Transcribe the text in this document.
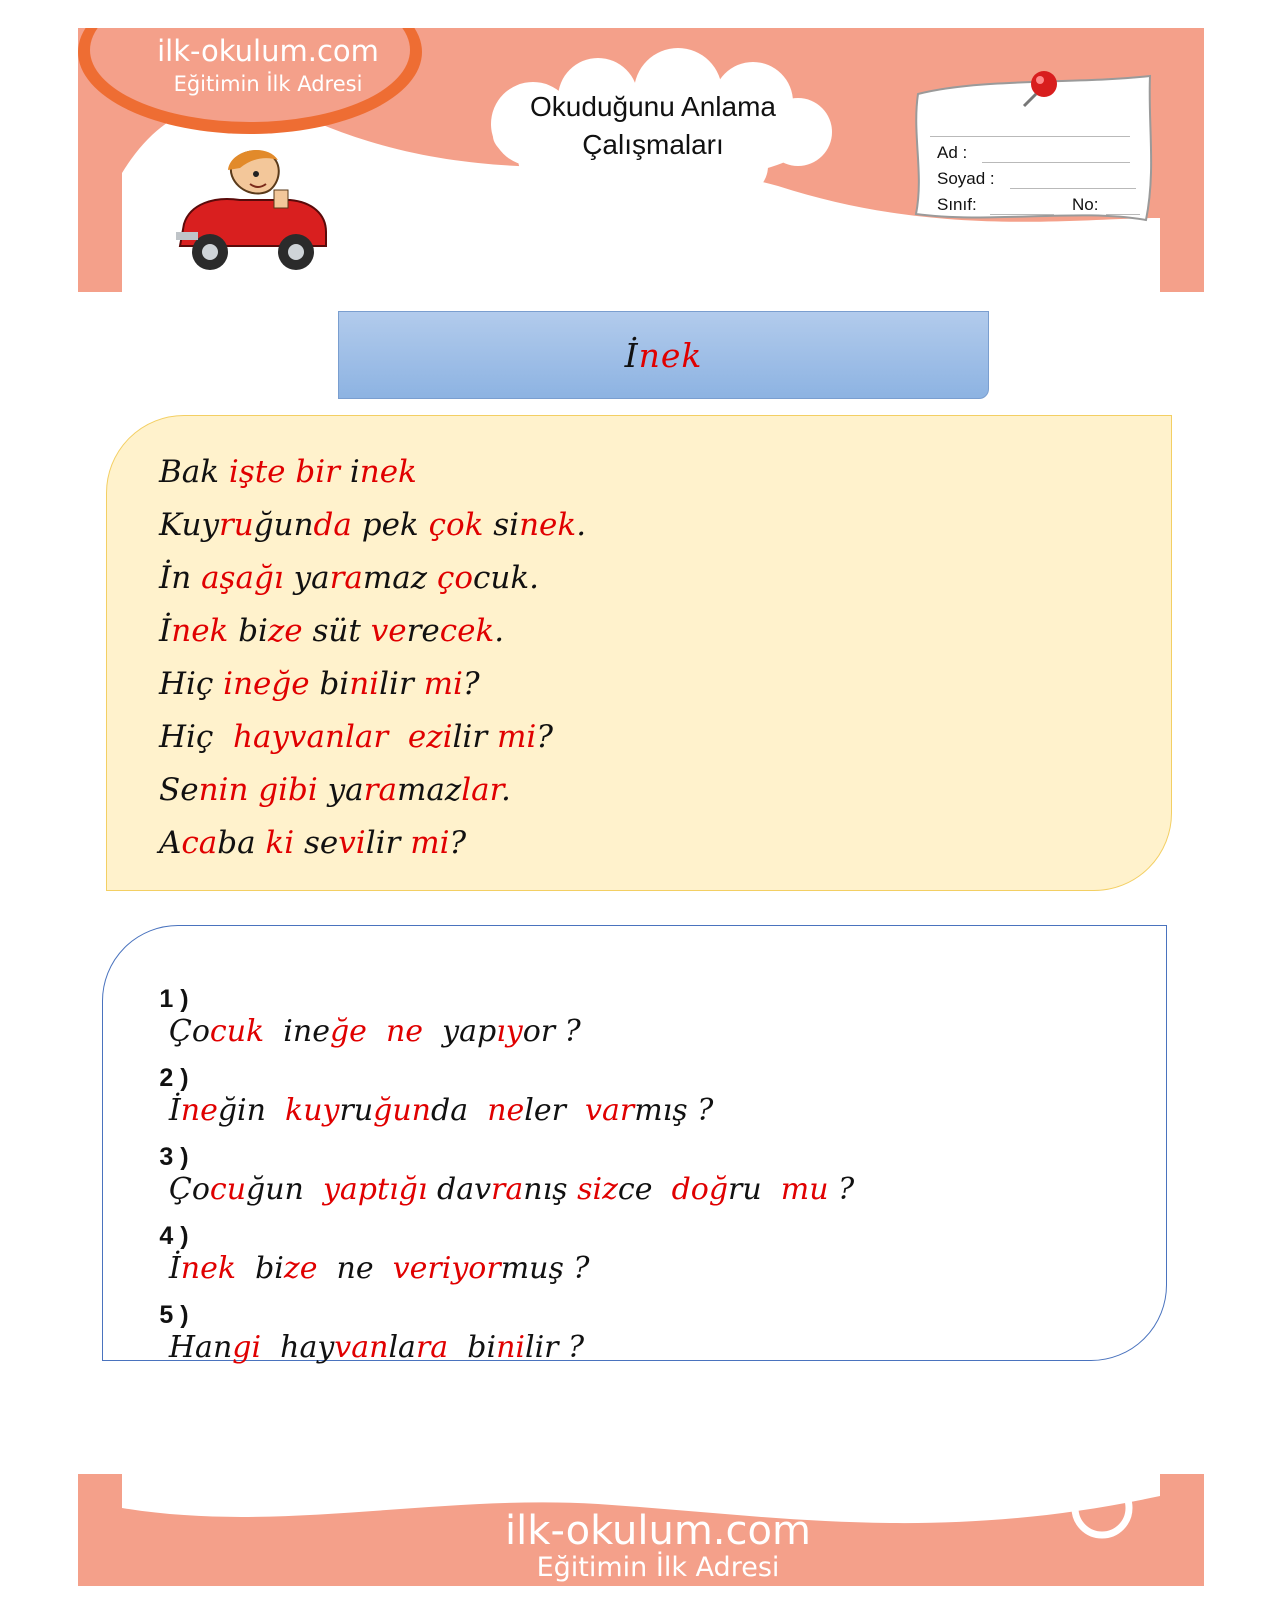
ilk-okulum.com
Eğitimin İlk Adresi
Okuduğunu Anlama
Çalışmaları	Ad :
Soyad :
Sınıf:	No:
İnek
Bak işte bir inek
Kuyruğunda pek çok sinek.
İn aşağı yaramaz çocuk.
İnek bize süt verecek.
Hiç ineğe binilir mi?
Hiç  hayvanlar  ezilir mi?
Senin gibi yaramazlar.
Acaba ki sevilir mi?

1 )
Çocuk  ineğe  ne  yapıyor ?

2 )
İneğin  kuyruğunda  neler  varmış ?

3 )
Çocuğun  yaptığı davranış sizce  doğru  mu ?

4 )
İnek  bize  ne  veriyormuş ?

5 )
Hangi  hayvanlara  binilir ?

ilk-okulum.com
Eğitimin İlk Adresi
